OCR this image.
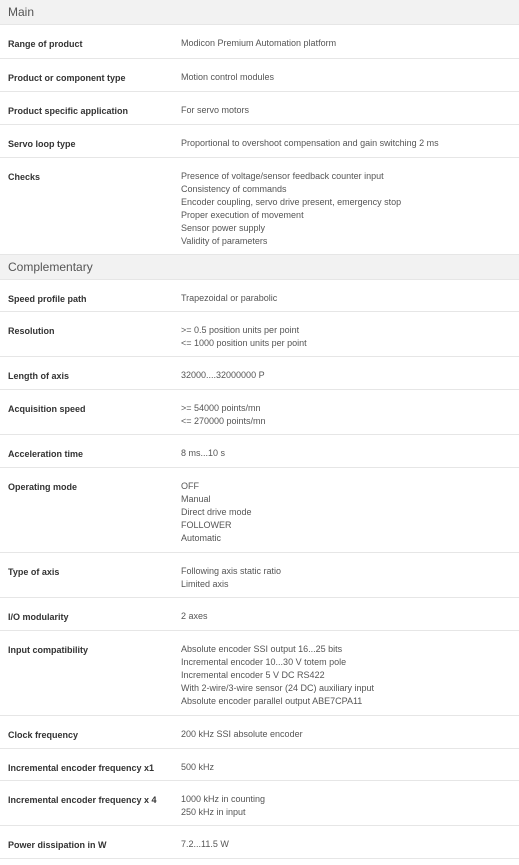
Main
Range of product	Modicon Premium Automation platform
Product or component type	Motion control modules
Product specific application	For servo motors
Servo loop type	Proportional to overshoot compensation and gain switching 2 ms
Checks	Presence of voltage/sensor feedback counter input
Consistency of commands
Encoder coupling, servo drive present, emergency stop
Proper execution of movement
Sensor power supply
Validity of parameters
Complementary
Speed profile path	Trapezoidal or parabolic
Resolution	>= 0.5 position units per point
<= 1000 position units per point
Length of axis	32000....32000000 P
Acquisition speed	>= 54000 points/mn
<= 270000 points/mn
Acceleration time	8 ms...10 s
Operating mode	OFF
Manual
Direct drive mode
FOLLOWER
Automatic
Type of axis	Following axis static ratio
Limited axis
I/O modularity	2 axes
Input compatibility	Absolute encoder SSI output 16...25 bits
Incremental encoder 10...30 V totem pole
Incremental encoder 5 V DC RS422
With 2-wire/3-wire sensor (24 DC) auxiliary input
Absolute encoder parallel output ABE7CPA11
Clock frequency	200 kHz SSI absolute encoder
Incremental encoder frequency x1	500 kHz
Incremental encoder frequency x 4	1000 kHz in counting
250 kHz in input
Power dissipation in W	7.2...11.5 W
